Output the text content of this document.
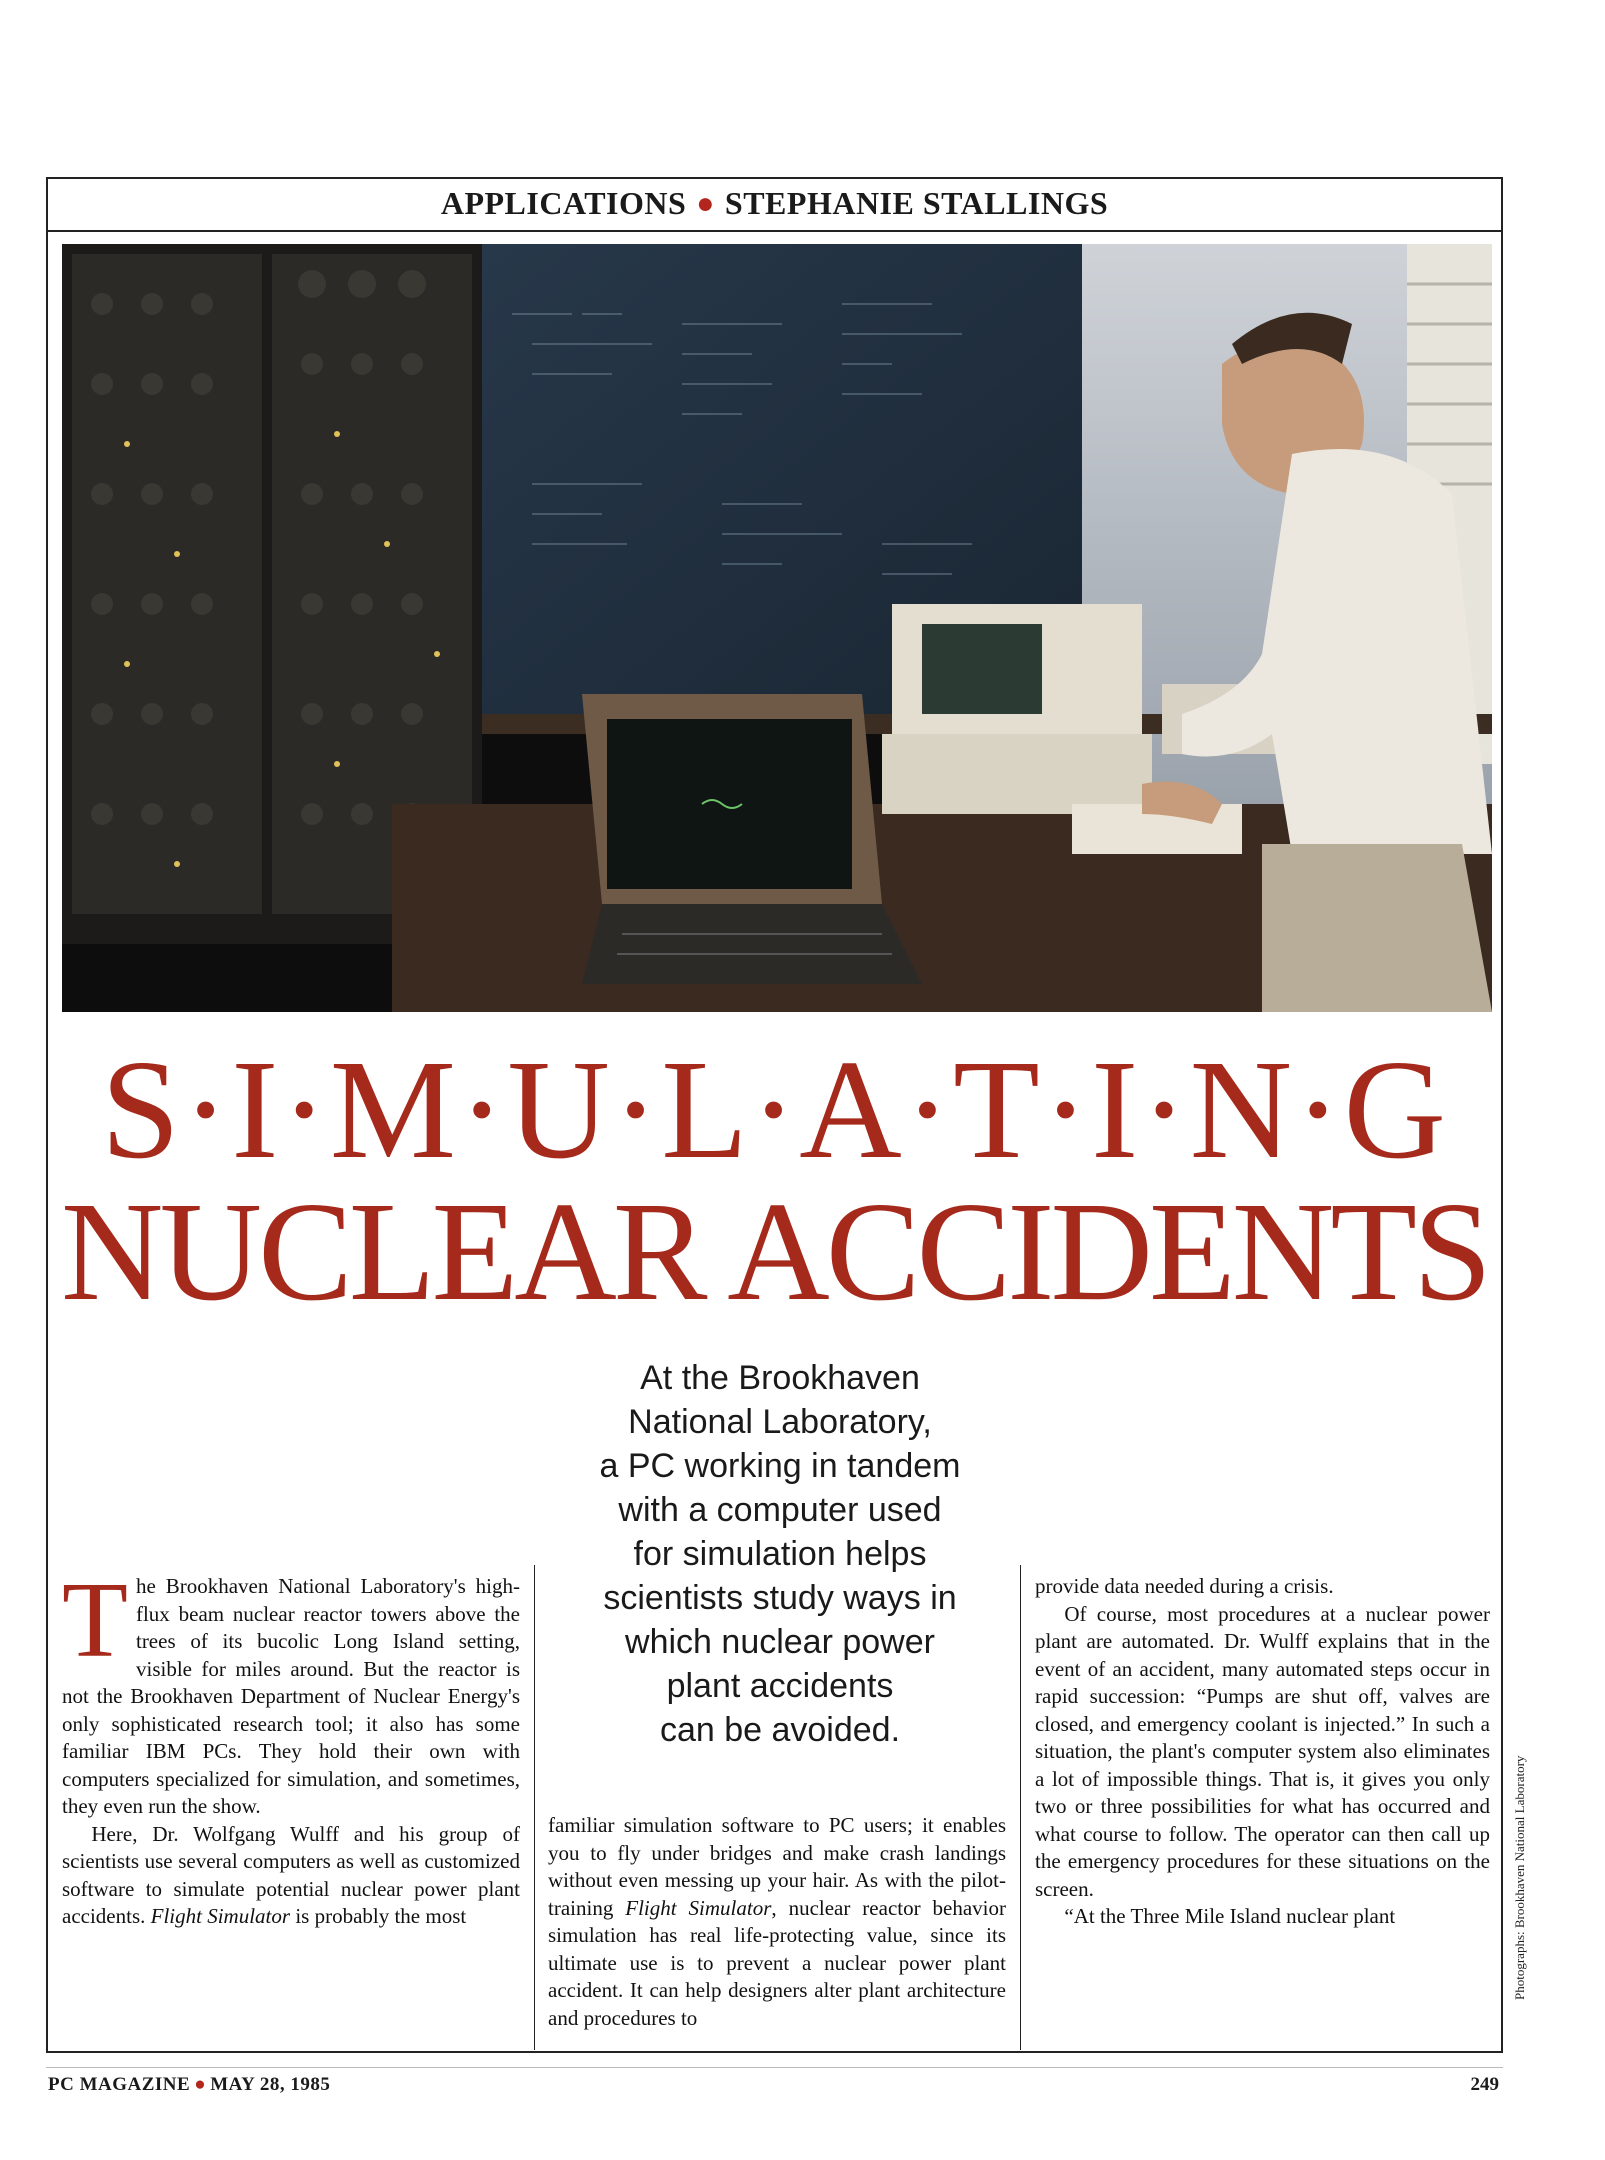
APPLICATIONS ● STEPHANIE STALLINGS
S·I·M·U·L·A·T·I·N·G
NUCLEAR ACCIDENTS
At the Brookhaven
National Laboratory,
a PC working in tandem
with a computer used
for simulation helps
scientists study ways in
which nuclear power
plant accidents
can be avoided.

The Brookhaven National Laboratory's high-flux beam nuclear reactor towers above the trees of its bucolic Long Island setting, visible for miles around. But the reactor is not the Brookhaven Department of Nuclear Energy's only sophisticated research tool; it also has some familiar IBM PCs. They hold their own with computers specialized for simulation, and sometimes, they even run the show.

Here, Dr. Wolfgang Wulff and his group of scientists use several computers as well as customized software to simulate potential nuclear power plant accidents. Flight Simulator is probably the most

familiar simulation software to PC users; it enables you to fly under bridges and make crash landings without even messing up your hair. As with the pilot-training Flight Simulator, nuclear reactor behavior simulation has real life-protecting value, since its ultimate use is to prevent a nuclear power plant accident. It can help designers alter plant architecture and procedures to

provide data needed during a crisis.

Of course, most procedures at a nuclear power plant are automated. Dr. Wulff explains that in the event of an accident, many automated steps occur in rapid succession: “Pumps are shut off, valves are closed, and emergency coolant is injected.” In such a situation, the plant's computer system also eliminates a lot of impossible things. That is, it gives you only two or three possibilities for what has occurred and what course to follow. The operator can then call up the emergency procedures for these situations on the screen.

“At the Three Mile Island nuclear plant	Photographs: Brookhaven National Laboratory
PC MAGAZINE ● MAY 28, 1985	249
